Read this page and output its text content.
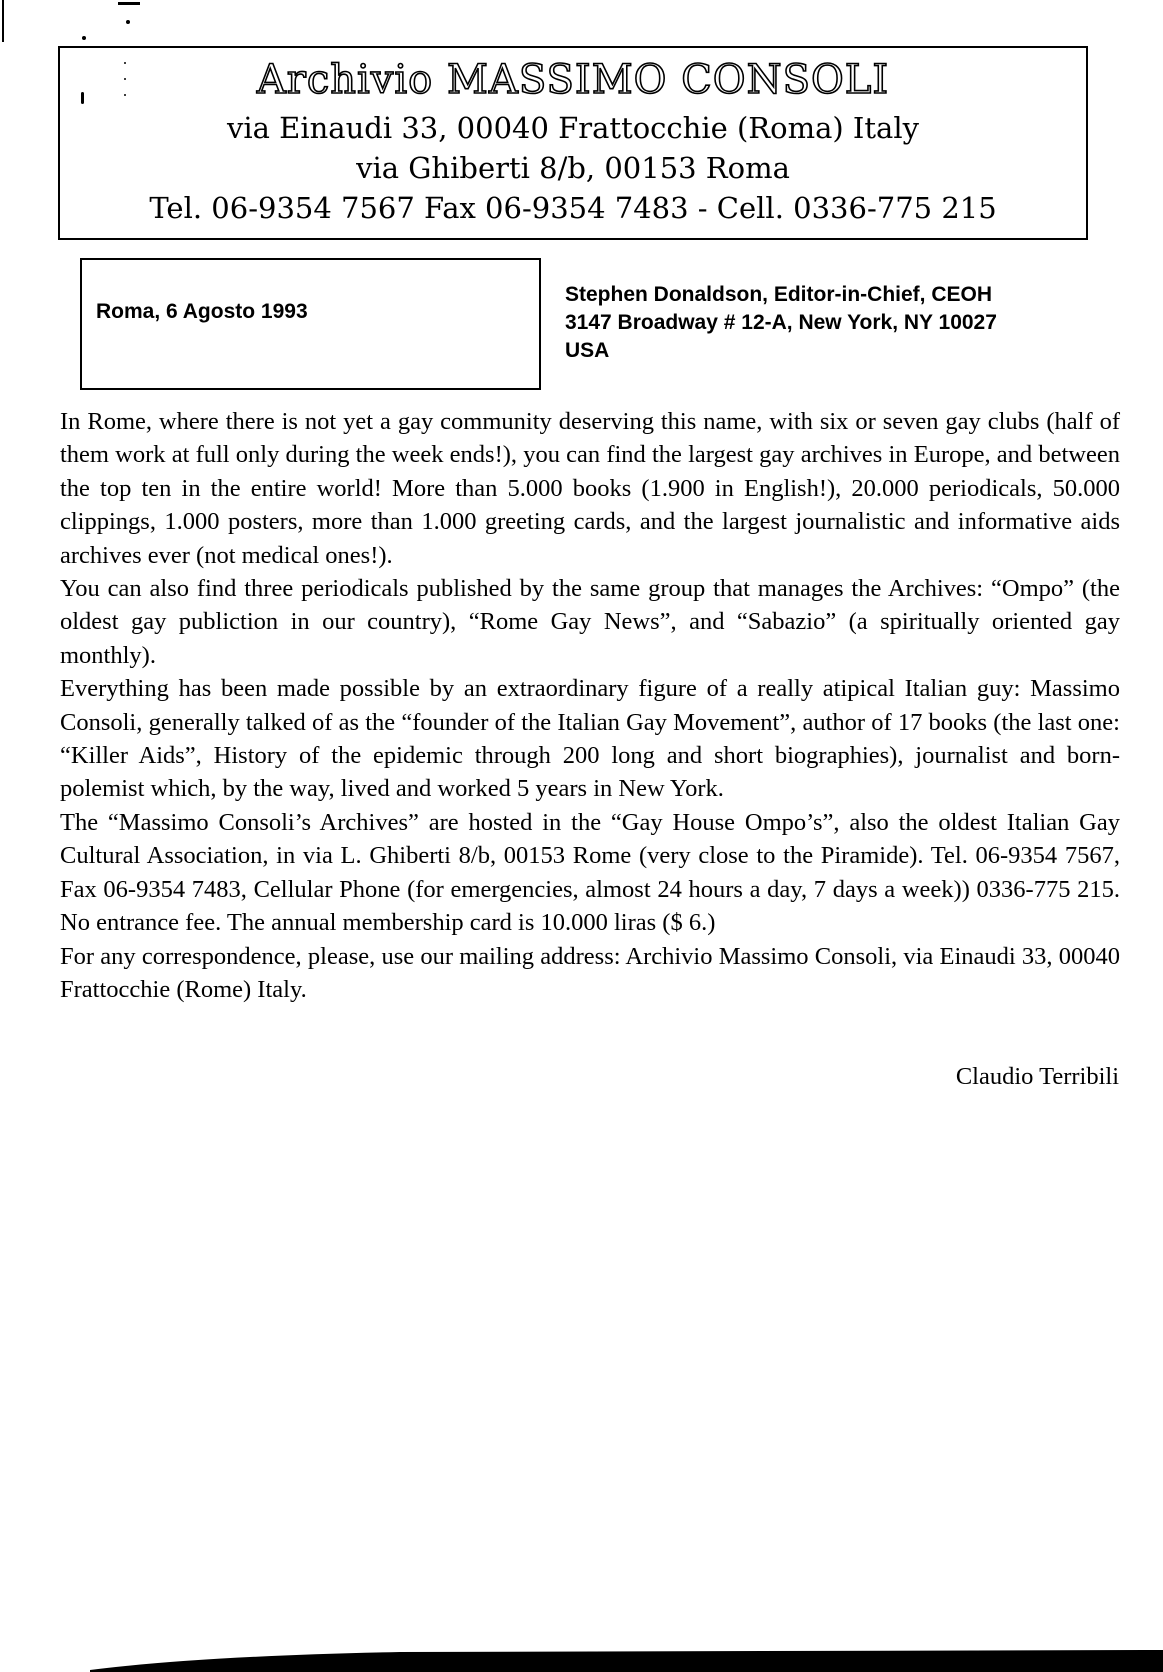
Archivio MASSIMO CONSOLI
via Einaudi 33, 00040 Frattocchie (Roma) Italy
via Ghiberti 8/b, 00153 Roma
Tel. 06-9354 7567 Fax 06-9354 7483 - Cell. 0336-775 215
Roma, 6 Agosto 1993
Stephen Donaldson, Editor-in-Chief, CEOH
3147 Broadway # 12-A, New York, NY 10027
USA

In Rome, where there is not yet a gay community deserving this name, with six or seven gay clubs (half of them work at full only during the week ends!), you can find the largest gay archives in Europe, and between the top ten in the entire world! More than 5.000 books (1.900 in English!), 20.000 periodicals, 50.000 clippings, 1.000 posters, more than 1.000 greeting cards, and the largest journalistic and informative aids archives ever (not medical ones!).

You can also find three periodicals published by the same group that manages the Archives: “Ompo” (the oldest gay publiction in our country), “Rome Gay News”, and “Sabazio” (a spiritually oriented gay monthly).

Everything has been made possible by an extraordinary figure of a really atipical Italian guy: Massimo Consoli, generally talked of as the “founder of the Italian Gay Movement”, author of 17 books (the last one: “Killer Aids”, History of the epidemic through 200 long and short biographies), journalist and born-polemist which, by the way, lived and worked 5 years in New York.

The “Massimo Consoli’s Archives” are hosted in the “Gay House Ompo’s”, also the oldest Italian Gay Cultural Association, in via L. Ghiberti 8/b, 00153 Rome (very close to the Piramide). Tel. 06-9354 7567, Fax 06-9354 7483, Cellular Phone (for emergencies, almost 24 hours a day, 7 days a week)) 0336-775 215. No entrance fee. The annual membership card is 10.000 liras ($ 6.)

For any correspondence, please, use our mailing address: Archivio Massimo Consoli, via Einaudi 33, 00040 Frattocchie (Rome) Italy.

Claudio Terribili
